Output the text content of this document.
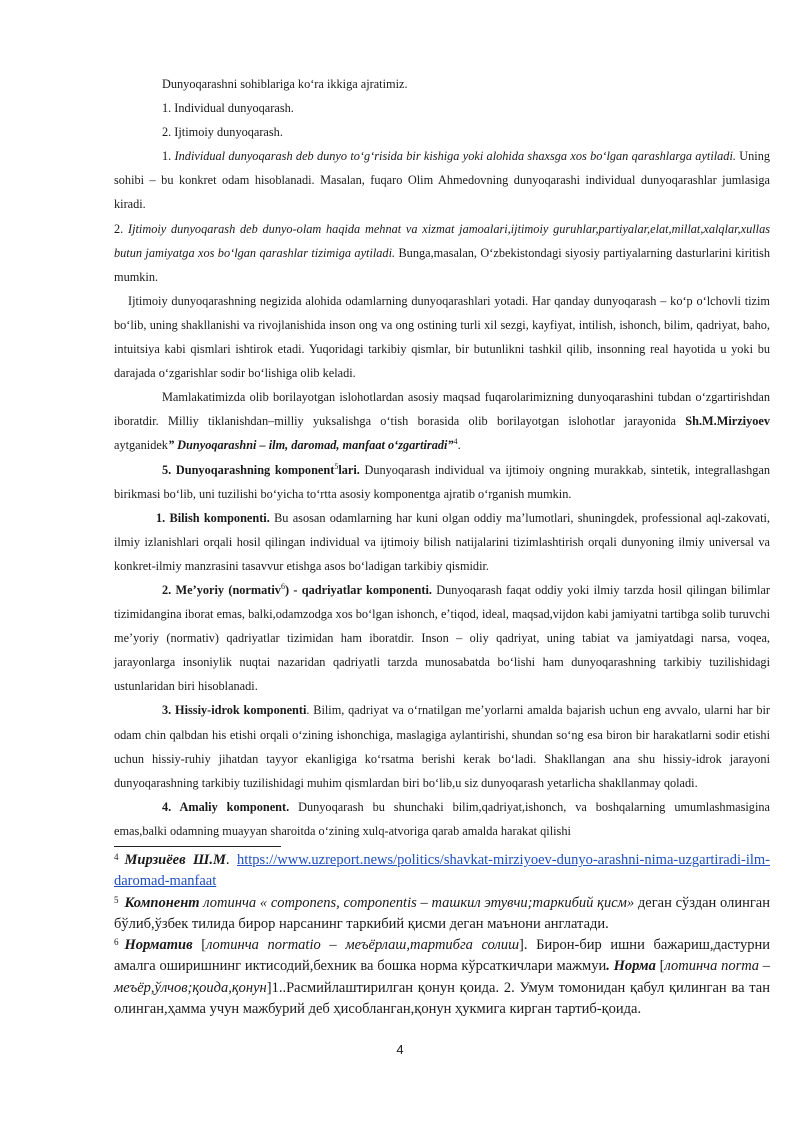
Dunyoqarashni sohiblariga koʻra ikkiga ajratimiz.

1. Individual dunyoqarash.

2. Ijtimoiy dunyoqarash.

1. Individual dunyoqarash deb dunyo toʻgʻrisida bir kishiga yoki alohida shaxsga xos boʻlgan qarashlarga aytiladi. Uning sohibi – bu konkret odam hisoblanadi. Masalan, fuqaro Olim Ahmedovning dunyoqarashi individual dunyoqarashlar jumlasiga kiradi.

2. Ijtimoiy dunyoqarash deb dunyo-olam haqida mehnat va xizmat jamoalari,ijtimoiy guruhlar,partiyalar,elat,millat,xalqlar,xullas butun jamiyatga xos boʻlgan qarashlar tizimiga aytiladi. Bunga,masalan, Oʻzbekistondagi siyosiy partiyalarning dasturlarini kiritish mumkin.

Ijtimoiy dunyoqarashning negizida alohida odamlarning dunyoqarashlari yotadi. Har qanday dunyoqarash – koʻp oʻlchovli tizim boʻlib, uning shakllanishi va rivojlanishida inson ong va ong ostining turli xil sezgi, kayfiyat, intilish, ishonch, bilim, qadriyat, baho, intuitsiya kabi qismlari ishtirok etadi. Yuqoridagi tarkibiy qismlar, bir butunlikni tashkil qilib, insonning real hayotida u yoki bu darajada oʻzgarishlar sodir boʻlishiga olib keladi.

Mamlakatimizda olib borilayotgan islohotlardan asosiy maqsad fuqarolarimizning dunyoqarashini tubdan oʻzgartirishdan iboratdir. Milliy tiklanishdan–milliy yuksalishga oʻtish borasida olib borilayotgan islohotlar jarayonida Sh.M.Mirziyoev aytganidek” Dunyoqarashni – ilm, daromad, manfaat oʻzgartiradi”$^4$.

5. Dunyoqarashning komponent$^5$lari. Dunyoqarash individual va ijtimoiy ongning murakkab, sintetik, integrallashgan birikmasi boʻlib, uni tuzilishi boʻyicha toʻrtta asosiy komponentga ajratib oʻrganish mumkin.

1. Bilish komponenti. Bu asosan odamlarning har kuni olgan oddiy maʼlumotlari, shuningdek, professional aql-zakovati, ilmiy izlanishlari orqali hosil qilingan individual va ijtimoiy bilish natijalarini tizimlashtirish orqali dunyoning ilmiy universal va konkret-ilmiy manzrasini tasavvur etishga asos boʻladigan tarkibiy qismidir.

2. Meʼyoriy (normativ$^6$) - qadriyatlar komponenti. Dunyoqarash faqat oddiy yoki ilmiy tarzda hosil qilingan bilimlar tizimidangina iborat emas, balki,odamzodga xos boʻlgan ishonch, eʼtiqod, ideal, maqsad,vijdon kabi jamiyatni tartibga solib turuvchi meʼyoriy (normativ) qadriyatlar tizimidan ham iboratdir. Inson – oliy qadriyat, uning tabiat va jamiyatdagi narsa, voqea, jarayonlarga insoniylik nuqtai nazaridan qadriyatli tarzda munosabatda boʻlishi ham dunyoqarashning tarkibiy tuzilishidagi ustunlaridan biri hisoblanadi.

3. Hissiy-idrok komponenti. Bilim, qadriyat va oʻrnatilgan meʼyorlarni amalda bajarish uchun eng avvalo, ularni har bir odam chin qalbdan his etishi orqali oʻzining ishonchiga, maslagiga aylantirishi, shundan soʻng esa biron bir harakatlarni sodir etishi uchun hissiy-ruhiy jihatdan tayyor ekanligiga koʻrsatma berishi kerak boʻladi. Shakllangan ana shu hissiy-idrok jarayoni dunyoqarashning tarkibiy tuzilishidagi muhim qismlardan biri boʻlib,u siz dunyoqarash yetarlicha shakllanmay qoladi.

4. Amaliy komponent. Dunyoqarash bu shunchaki bilim,qadriyat,ishonch, va boshqalarning umumlashmasigina emas,balki odamning muayyan sharoitda oʻzining xulq-atvoriga qarab amalda harakat qilishi

$^4$ Мирзиёев Ш.М. https://www.uzreport.news/politics/shavkat-mirziyoev-dunyo-arashni-nima-uzgartiradi-ilm-daromad-manfaat

$^5$ Компонент лотинча « componens, componentis – ташкил этувчи;таркибий қисм» деган сўздан олинган бўлиб,ўзбек тилида бирор нарсанинг таркибий қисми деган маънони англатади.

$^6$ Норматив [лотинча normatio – меъёрлаш,тартибга солиш]. Бирон-бир ишни бажариш,дастурни амалга оширишнинг иктисодий,бехник ва бошка норма кўрсаткичлари мажмуи. Норма [лотинча norma –меъёр,ўлчов;қоида,қонун]1..Расмийлаштирилган қонун қоида. 2. Умум томонидан қабул қилинган ва тан олинган,ҳамма учун мажбурий деб ҳисобланган,қонун ҳукмига кирган тартиб-қоида.

4
